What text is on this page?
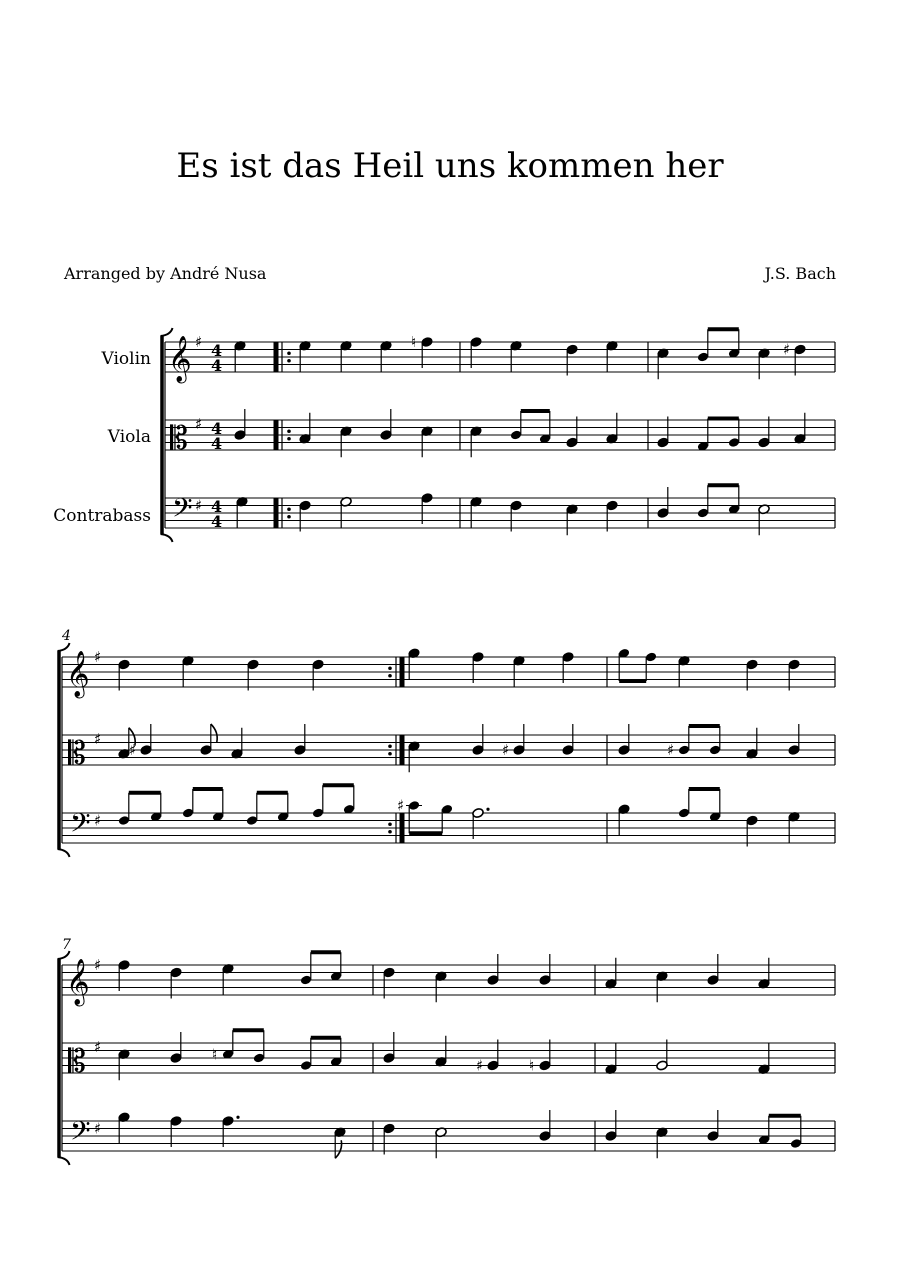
Es ist das Heil uns kommen her
Arranged by André Nusa	J.S. Bach
Violin
Viola
Contrabass
𝄞 ♯ 4
4
𝄡 ♯ 4
4
𝄢 ♯ 4
4
♮	♯
4
𝄞 ♯
𝄡 ♯
𝄢 ♯
♯	♯	♯
♯
7
𝄞 ♯
𝄡 ♯
𝄢 ♯
♮
♯	♮
